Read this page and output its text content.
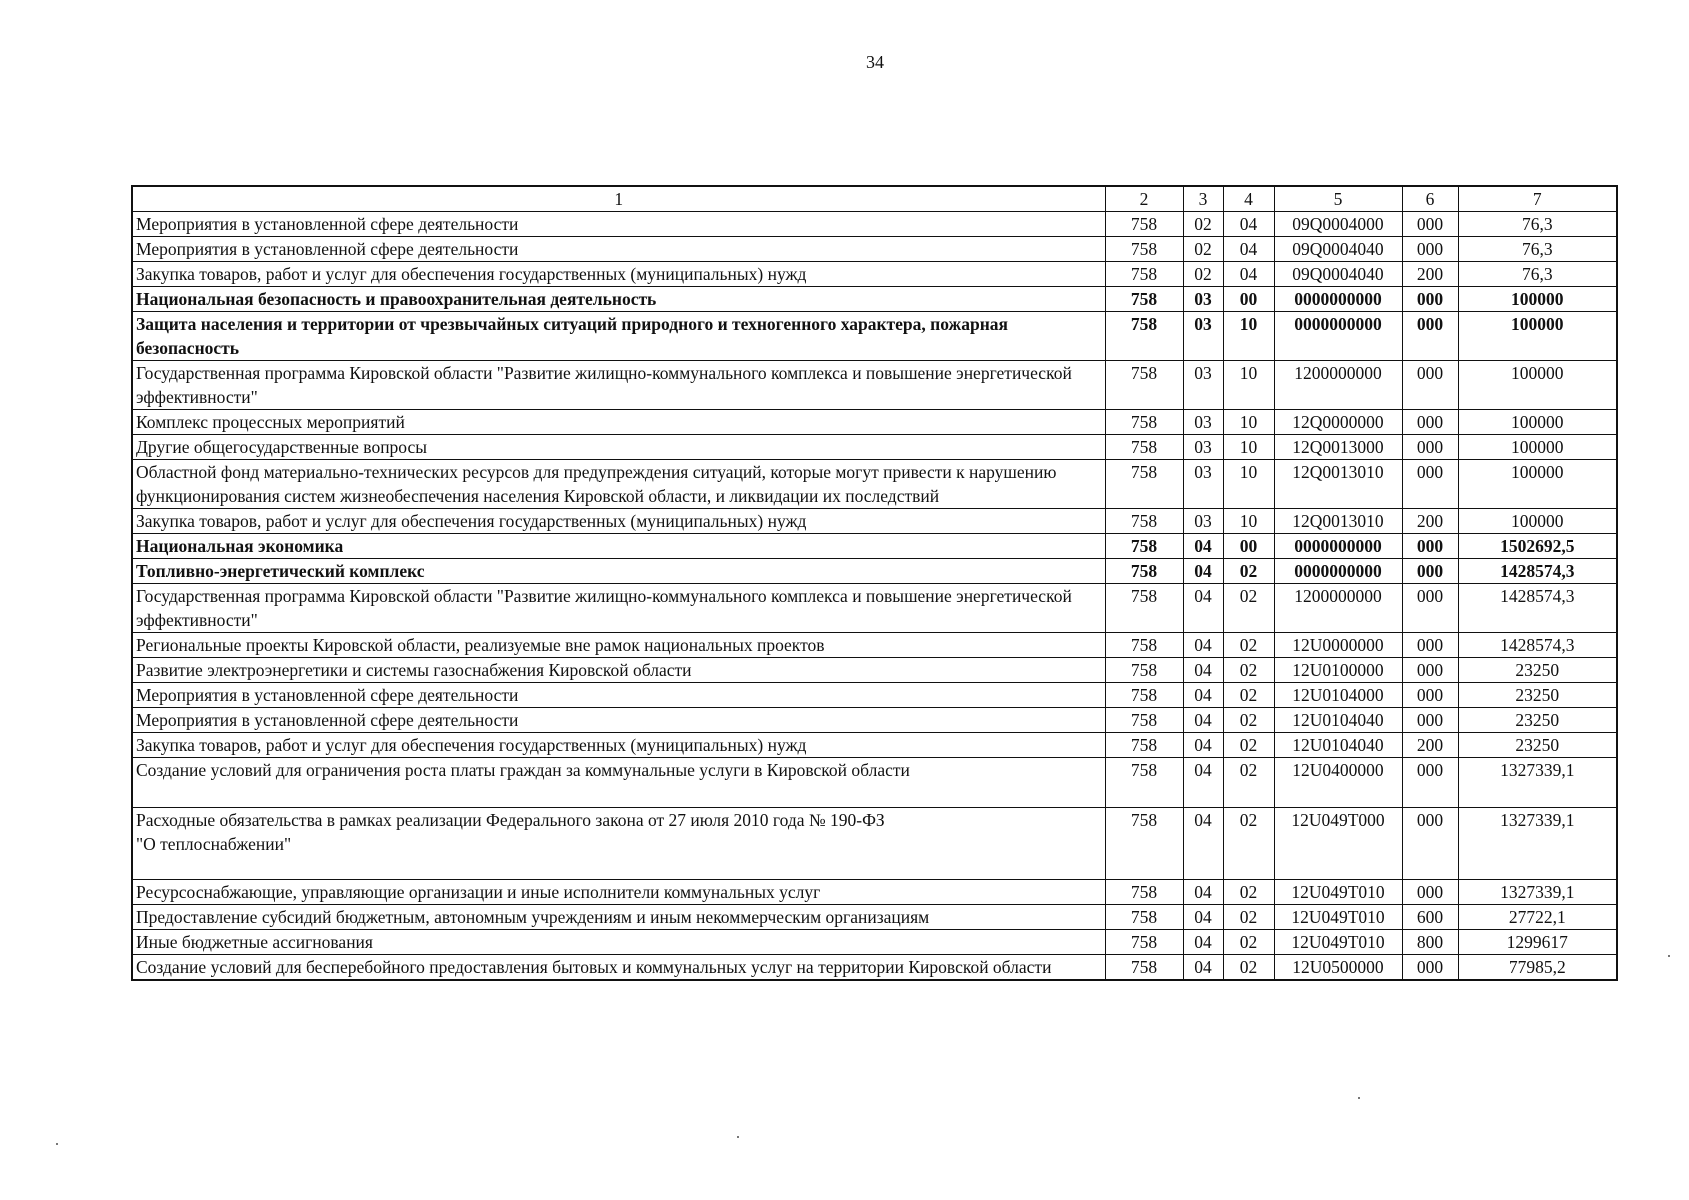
34
1	2	3	4	5	6	7
Мероприятия в установленной сфере деятельности	758	02	04	09Q0004000	000	76,3
Мероприятия в установленной сфере деятельности	758	02	04	09Q0004040	000	76,3
Закупка товаров, работ и услуг для обеспечения государственных (муниципальных) нужд	758	02	04	09Q0004040	200	76,3
Национальная безопасность и правоохранительная деятельность	758	03	00	0000000000	000	100000
Защита населения и территории от чрезвычайных ситуаций природного и техногенного характера, пожарная безопасность	758	03	10	0000000000	000	100000
Государственная программа Кировской области "Развитие жилищно-коммунального комплекса и повышение энергетической эффективности"	758	03	10	1200000000	000	100000
Комплекс процессных мероприятий	758	03	10	12Q0000000	000	100000
Другие общегосударственные вопросы	758	03	10	12Q0013000	000	100000
Областной фонд материально-технических ресурсов для предупреждения ситуаций, которые могут привести к нарушению функционирования систем жизнеобеспечения населения Кировской области, и ликвидации их последствий	758	03	10	12Q0013010	000	100000
Закупка товаров, работ и услуг для обеспечения государственных (муниципальных) нужд	758	03	10	12Q0013010	200	100000
Национальная экономика	758	04	00	0000000000	000	1502692,5
Топливно-энергетический комплекс	758	04	02	0000000000	000	1428574,3
Государственная программа Кировской области "Развитие жилищно-коммунального комплекса и повышение энергетической эффективности"	758	04	02	1200000000	000	1428574,3
Региональные проекты Кировской области, реализуемые вне рамок национальных проектов	758	04	02	12U0000000	000	1428574,3
Развитие электроэнергетики и системы газоснабжения Кировской области	758	04	02	12U0100000	000	23250
Мероприятия в установленной сфере деятельности	758	04	02	12U0104000	000	23250
Мероприятия в установленной сфере деятельности	758	04	02	12U0104040	000	23250
Закупка товаров, работ и услуг для обеспечения государственных (муниципальных) нужд	758	04	02	12U0104040	200	23250
Создание условий для ограничения роста платы граждан за коммунальные услуги в Кировской области	758	04	02	12U0400000	000	1327339,1
Расходные обязательства в рамках реализации Федерального закона от 27 июля 2010 года № 190-ФЗ
"О теплоснабжении"	758	04	02	12U049T000	000	1327339,1
Ресурсоснабжающие, управляющие организации и иные исполнители коммунальных услуг	758	04	02	12U049T010	000	1327339,1
Предоставление субсидий бюджетным, автономным учреждениям и иным некоммерческим организациям	758	04	02	12U049T010	600	27722,1
Иные бюджетные ассигнования	758	04	02	12U049T010	800	1299617
Создание условий для бесперебойного предоставления бытовых и коммунальных услуг на территории Кировской области	758	04	02	12U0500000	000	77985,2
